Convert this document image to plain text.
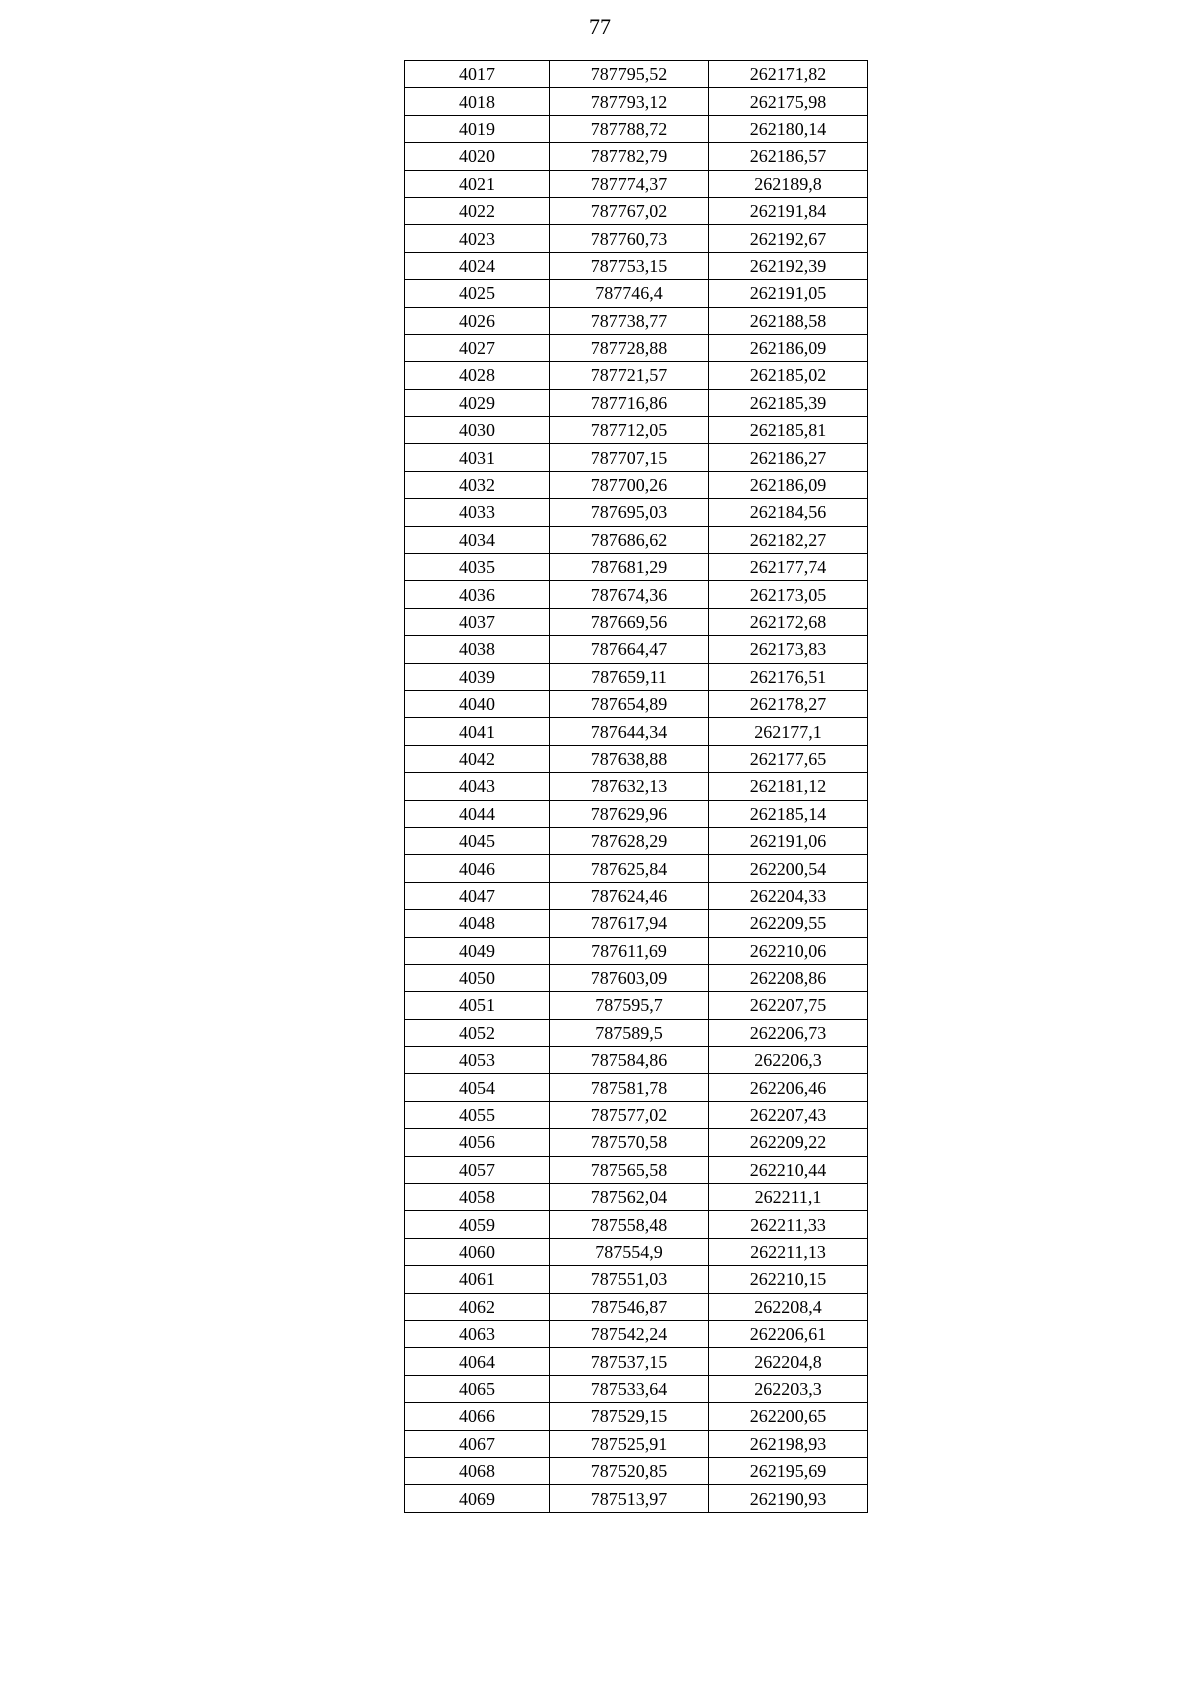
77
4017	787795,52	262171,82
4018	787793,12	262175,98
4019	787788,72	262180,14
4020	787782,79	262186,57
4021	787774,37	262189,8
4022	787767,02	262191,84
4023	787760,73	262192,67
4024	787753,15	262192,39
4025	787746,4	262191,05
4026	787738,77	262188,58
4027	787728,88	262186,09
4028	787721,57	262185,02
4029	787716,86	262185,39
4030	787712,05	262185,81
4031	787707,15	262186,27
4032	787700,26	262186,09
4033	787695,03	262184,56
4034	787686,62	262182,27
4035	787681,29	262177,74
4036	787674,36	262173,05
4037	787669,56	262172,68
4038	787664,47	262173,83
4039	787659,11	262176,51
4040	787654,89	262178,27
4041	787644,34	262177,1
4042	787638,88	262177,65
4043	787632,13	262181,12
4044	787629,96	262185,14
4045	787628,29	262191,06
4046	787625,84	262200,54
4047	787624,46	262204,33
4048	787617,94	262209,55
4049	787611,69	262210,06
4050	787603,09	262208,86
4051	787595,7	262207,75
4052	787589,5	262206,73
4053	787584,86	262206,3
4054	787581,78	262206,46
4055	787577,02	262207,43
4056	787570,58	262209,22
4057	787565,58	262210,44
4058	787562,04	262211,1
4059	787558,48	262211,33
4060	787554,9	262211,13
4061	787551,03	262210,15
4062	787546,87	262208,4
4063	787542,24	262206,61
4064	787537,15	262204,8
4065	787533,64	262203,3
4066	787529,15	262200,65
4067	787525,91	262198,93
4068	787520,85	262195,69
4069	787513,97	262190,93
